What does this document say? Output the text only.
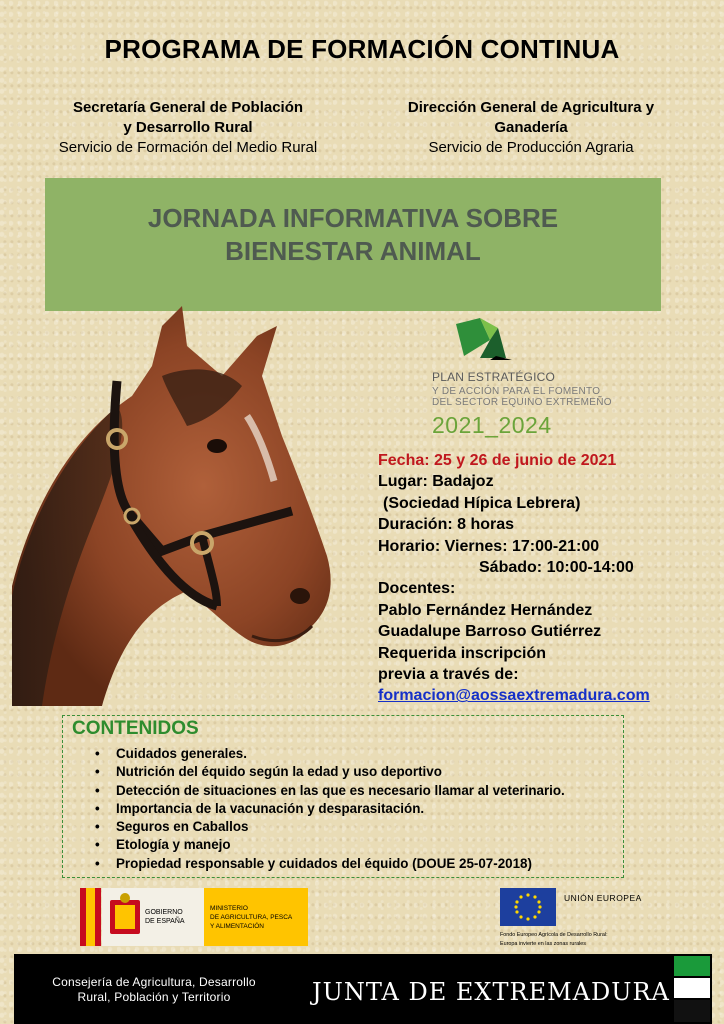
PROGRAMA DE FORMACIÓN CONTINUA
Secretaría General de Población
y Desarrollo Rural
Servicio de Formación del Medio Rural
Dirección General de Agricultura y
Ganadería
Servicio de Producción Agraria
JORNADA INFORMATIVA SOBRE
BIENESTAR ANIMAL
PLAN ESTRATÉGICO
Y DE ACCIÓN PARA EL FOMENTO
DEL SECTOR EQUINO EXTREMEÑO
2021_2024
Fecha: 25 y 26 de junio de 2021
Lugar: Badajoz
(Sociedad Hípica Lebrera)
Duración: 8 horas
Horario: Viernes: 17:00-21:00
Sábado: 10:00-14:00
Docentes:
Pablo Fernández Hernández
Guadalupe Barroso Gutiérrez
Requerida inscripción
previa a través de:
formacion@aossaextremadura.com
CONTENIDOS
• Cuidados generales.
• Nutrición del équido según la edad y uso deportivo
• Detección de situaciones en las que es necesario llamar al veterinario.
• Importancia de la vacunación y desparasitación.
• Seguros en Caballos
• Etología y manejo
• Propiedad responsable y cuidados del équido (DOUE 25-07-2018)
GOBIERNO
DE ESPAÑA
MINISTERIO
DE AGRICULTURA, PESCA
Y ALIMENTACIÓN
UNIÓN EUROPEA
Fondo Europeo Agrícola de Desarrollo Rural:
Europa invierte en las zonas rurales
Consejería de Agricultura, Desarrollo
Rural, Población y Territorio	JUNTA DE EXTREMADURA
